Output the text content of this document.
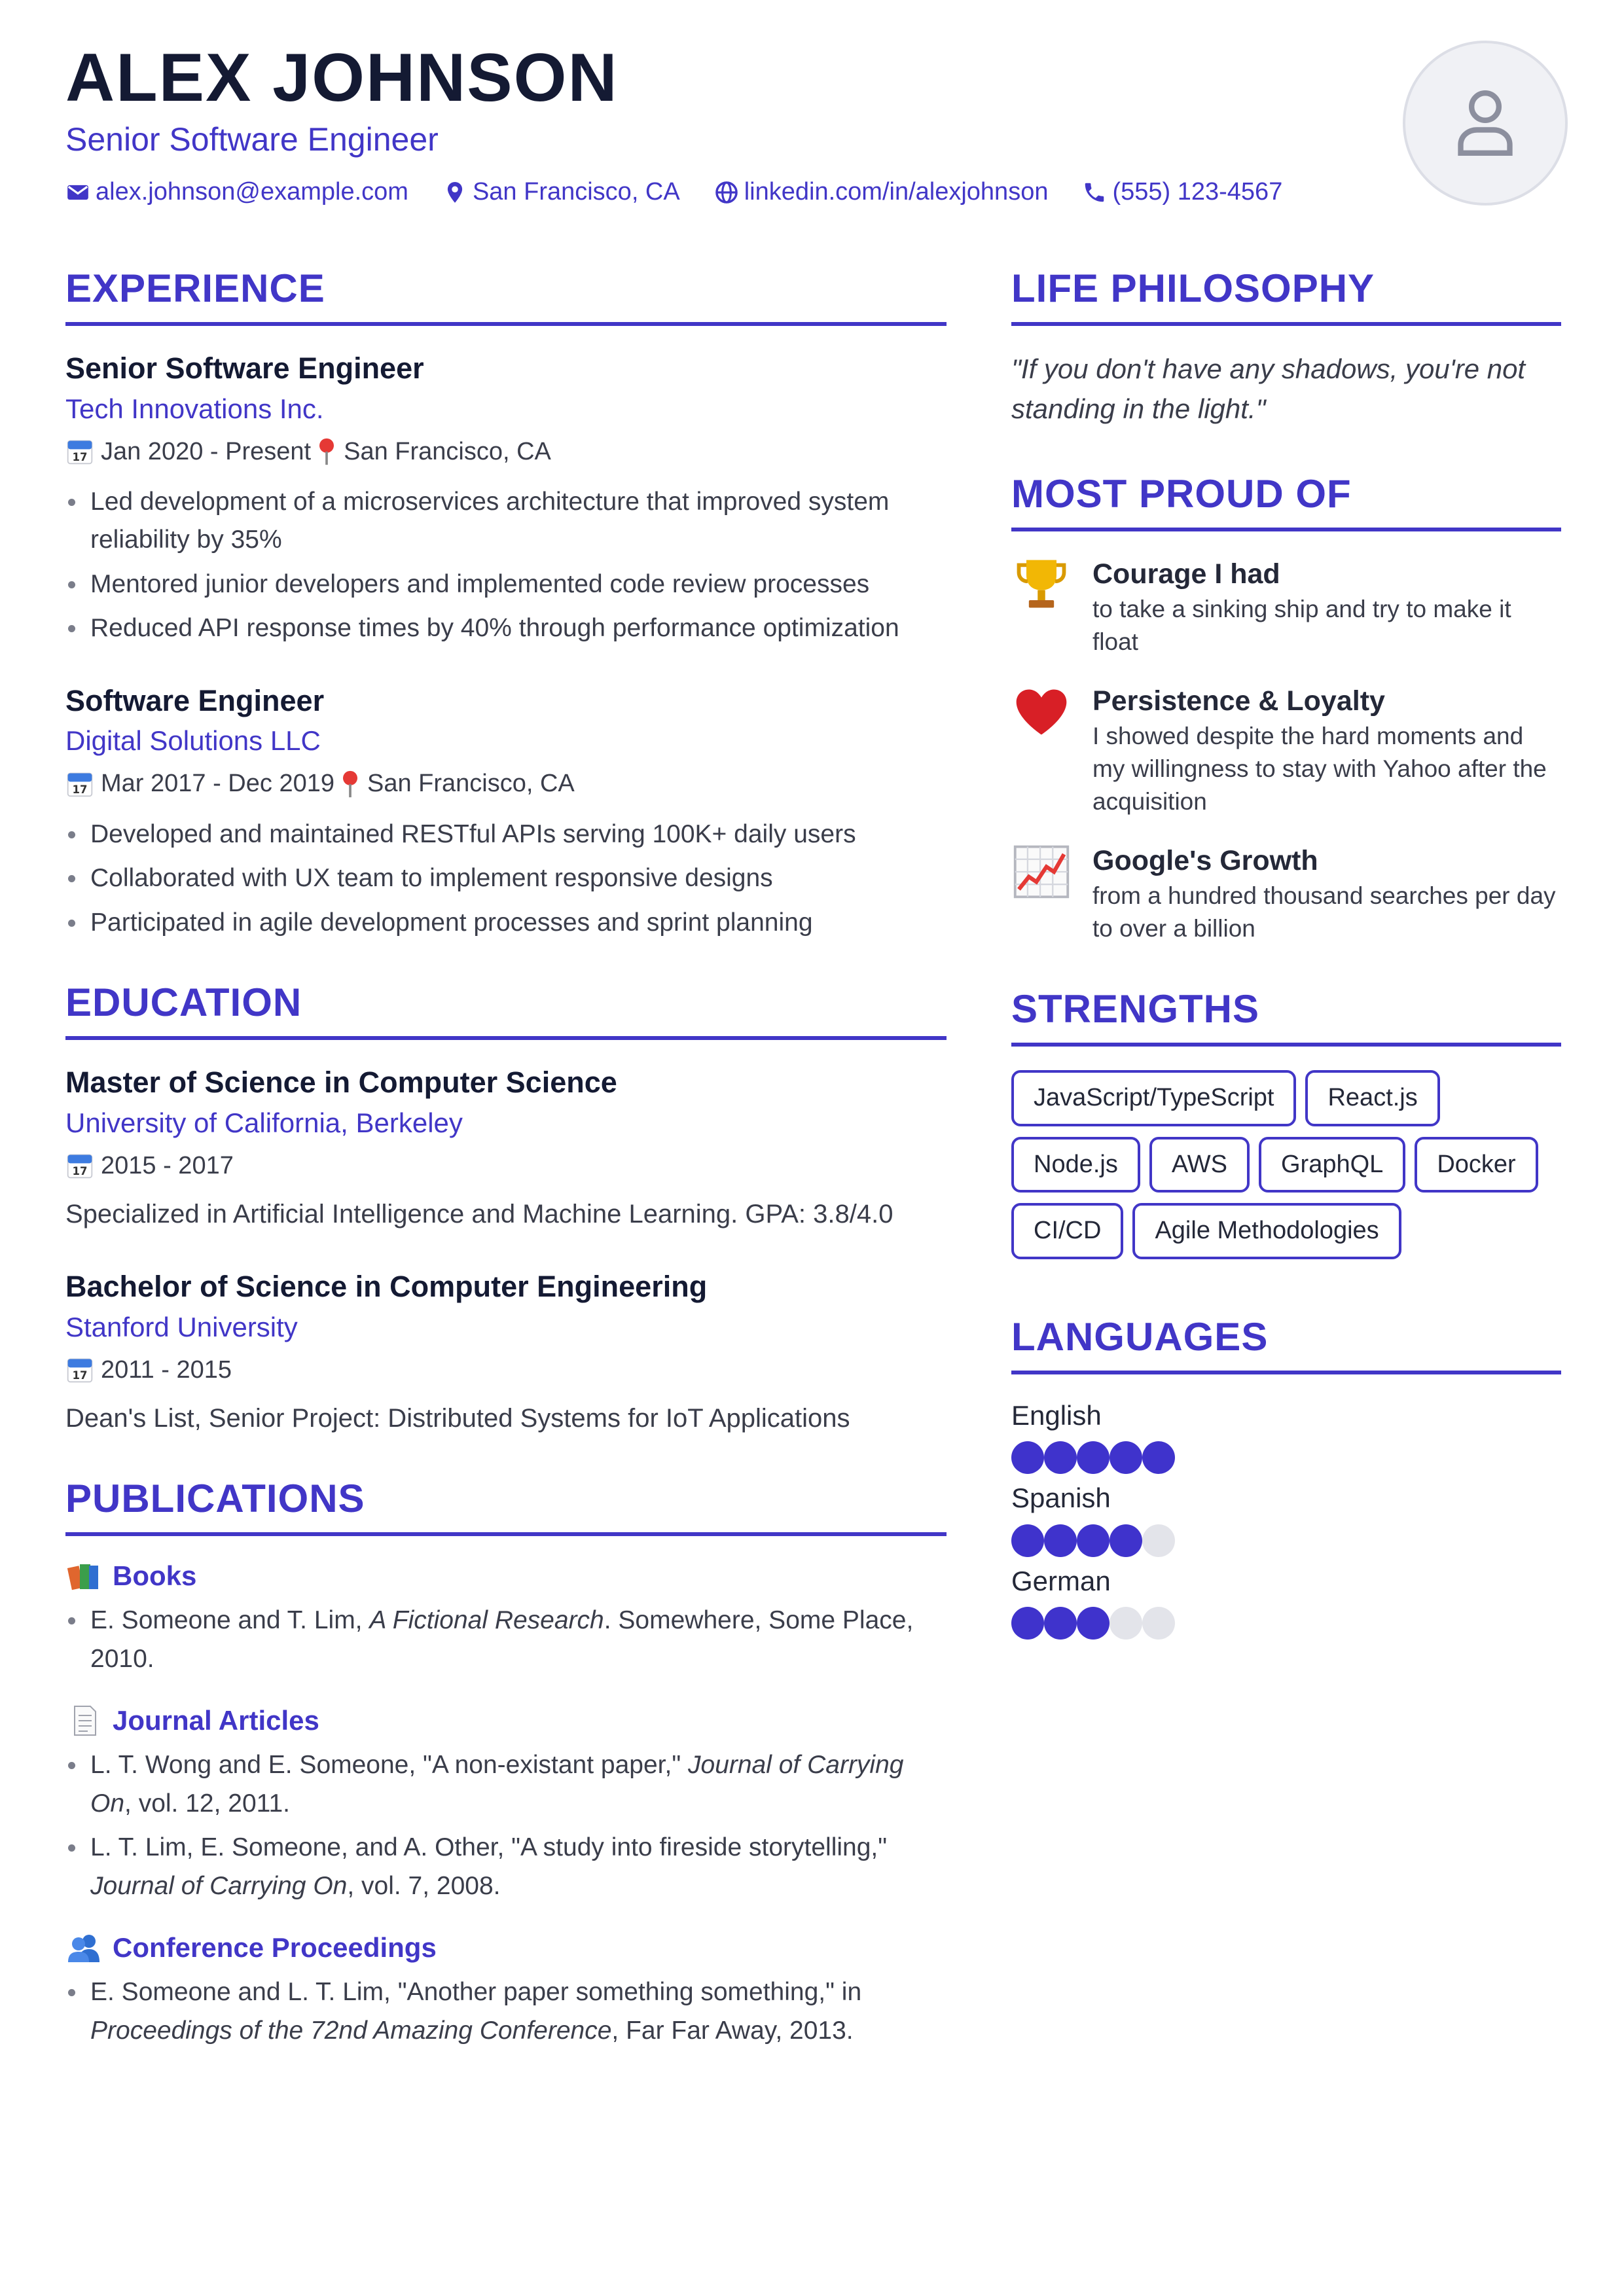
ALEX JOHNSON
Senior Software Engineer
alex.johnson@example.com	San Francisco, CA	linkedin.com/in/alexjohnson	(555) 123-4567
EXPERIENCE
Senior Software Engineer
Tech Innovations Inc.
17 Jan 2020 - Present San Francisco, CA
Led development of a microservices architecture that improved system reliability by 35%
Mentored junior developers and implemented code review processes
Reduced API response times by 40% through performance optimization
Software Engineer
Digital Solutions LLC
17 Mar 2017 - Dec 2019 San Francisco, CA
Developed and maintained RESTful APIs serving 100K+ daily users
Collaborated with UX team to implement responsive designs
Participated in agile development processes and sprint planning
EDUCATION
Master of Science in Computer Science
University of California, Berkeley
17 2015 - 2017
Specialized in Artificial Intelligence and Machine Learning. GPA: 3.8/4.0
Bachelor of Science in Computer Engineering
Stanford University
17 2011 - 2015
Dean's List, Senior Project: Distributed Systems for IoT Applications
PUBLICATIONS
Books
E. Someone and T. Lim, A Fictional Research. Somewhere, Some Place, 2010.
Journal Articles
L. T. Wong and E. Someone, "A non-existant paper," Journal of Carrying On, vol. 12, 2011.
L. T. Lim, E. Someone, and A. Other, "A study into fireside storytelling," Journal of Carrying On, vol. 7, 2008.
Conference Proceedings
E. Someone and L. T. Lim, "Another paper something something," in Proceedings of the 72nd Amazing Conference, Far Far Away, 2013.
LIFE PHILOSOPHY
"If you don't have any shadows, you're not standing in the light."
MOST PROUD OF
Courage I had
to take a sinking ship and try to make it float
Persistence & Loyalty
I showed despite the hard moments and my willingness to stay with Yahoo after the acquisition
Google's Growth
from a hundred thousand searches per day to over a billion
STRENGTHS
JavaScript/TypeScript	React.js
Node.js	AWS	GraphQL	Docker
CI/CD	Agile Methodologies
LANGUAGES
English
Spanish
German
